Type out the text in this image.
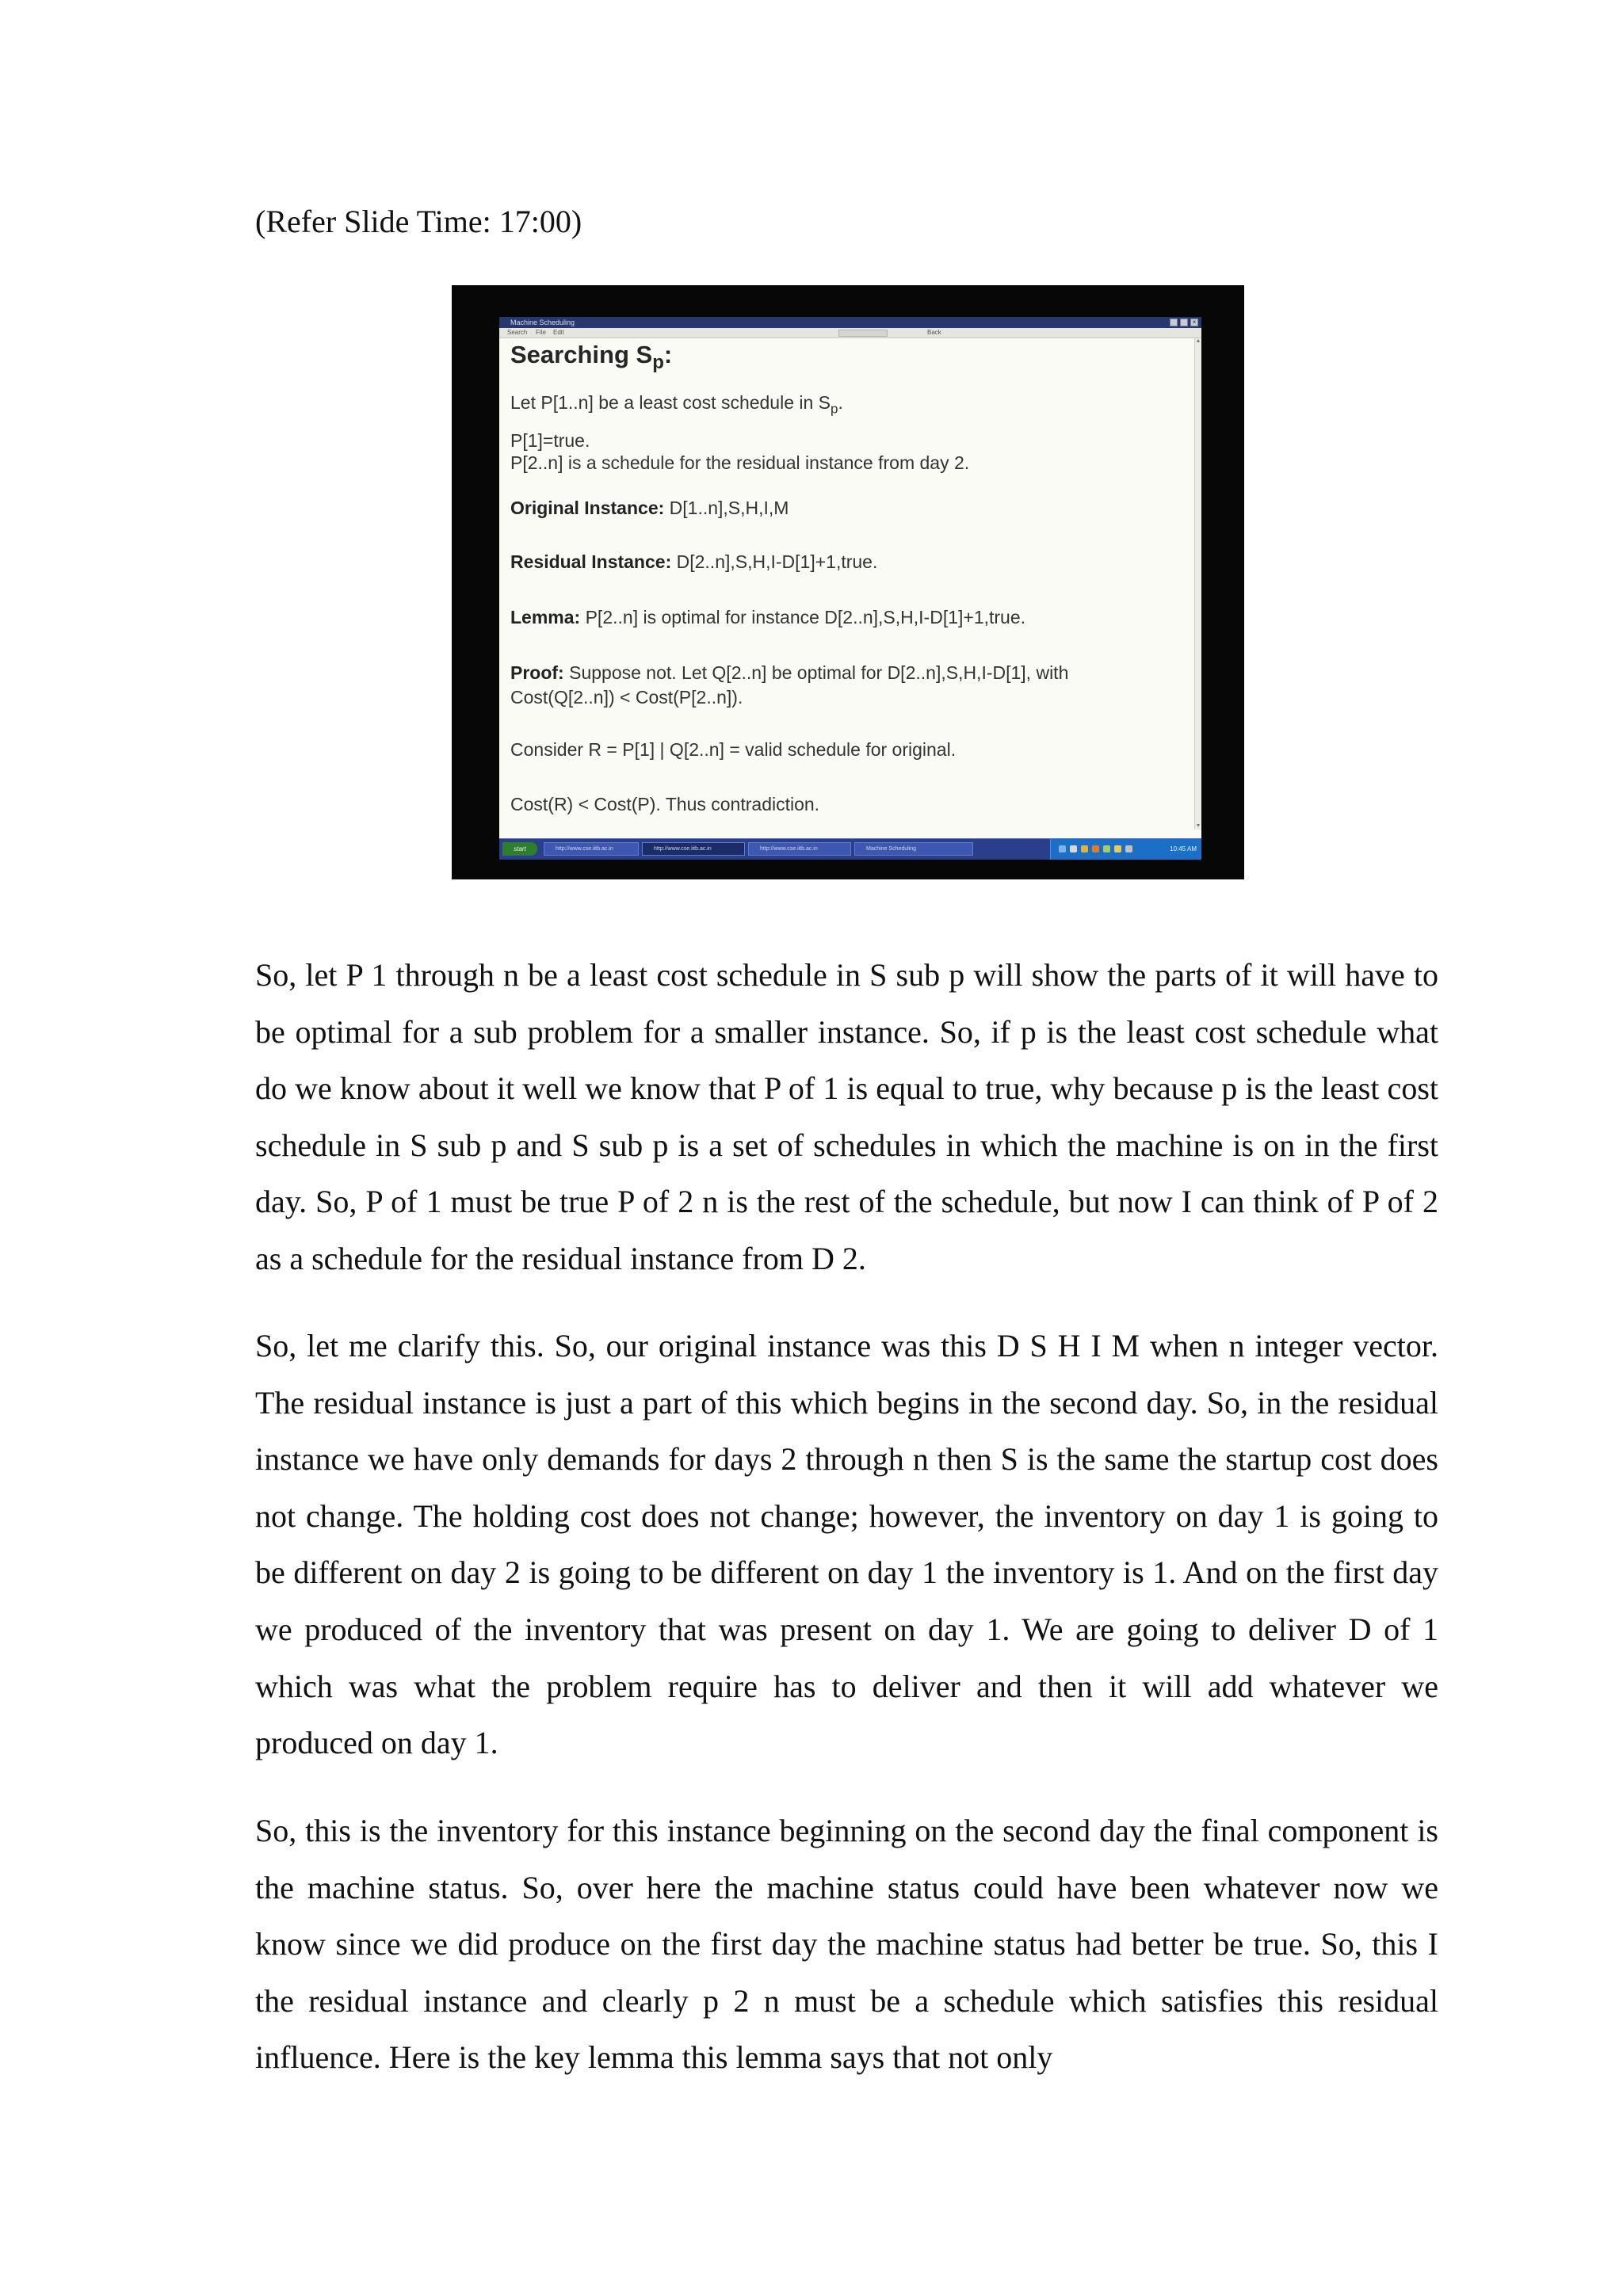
(Refer Slide Time: 17:00)

Machine Scheduling	×
Search File Edit	Back
▲
▼
Searching $S_p$:
Let P[1..n] be a least cost schedule in $S_p$.
P[1]=true.
P[2..n] is a schedule for the residual instance from day 2.
Original Instance: D[1..n],S,H,I,M
Residual Instance: D[2..n],S,H,I-D[1]+1,true.
Lemma: P[2..n] is optimal for instance D[2..n],S,H,I-D[1]+1,true.
Proof: Suppose not. Let Q[2..n] be optimal for D[2..n],S,H,I-D[1], with
Cost(Q[2..n]) < Cost(P[2..n]).
Consider R = P[1] | Q[2..n] = valid schedule for original.
Cost(R) < Cost(P). Thus contradiction.
start	http://www.cse.iitb.ac.in	http://www.cse.iitb.ac.in	http://www.cse.iitb.ac.in	Machine Scheduling	10:45 AM

So, let P 1 through n be a least cost schedule in S sub p will show the parts of it will have to be optimal for a sub problem for a smaller instance. So, if p is the least cost schedule what do we know about it well we know that P of 1 is equal to true, why because p is the least cost schedule in S sub p and S sub p is a set of schedules in which the machine is on in the first day. So, P of 1 must be true P of 2 n is the rest of the schedule, but now I can think of P of 2 as a schedule for the residual instance from D 2.

So, let me clarify this. So, our original instance was this D S H I M when n integer vector. The residual instance is just a part of this which begins in the second day. So, in the residual instance we have only demands for days 2 through n then S is the same the startup cost does not change. The holding cost does not change; however, the inventory on day 1 is going to be different on day 2 is going to be different on day 1 the inventory is 1. And on the first day we produced of the inventory that was present on day 1. We are going to deliver D of 1 which was what the problem require has to deliver and then it will add whatever we produced on day 1.

So, this is the inventory for this instance beginning on the second day the final component is the machine status. So, over here the machine status could have been whatever now we know since we did produce on the first day the machine status had better be true. So, this I the residual instance and clearly p 2 n must be a schedule which satisfies this residual influence. Here is the key lemma this lemma says that not only
